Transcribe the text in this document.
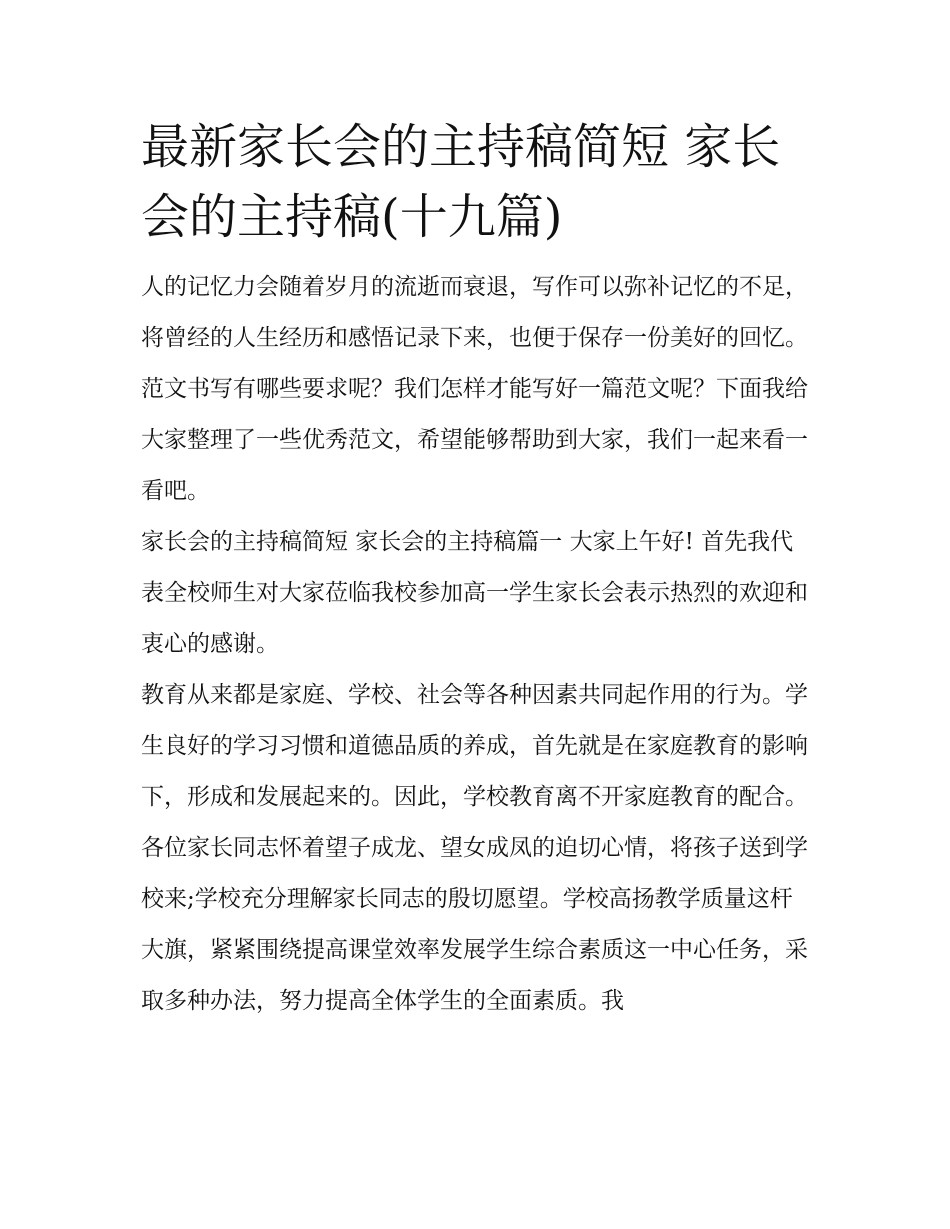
最新家长会的主持稿简短 家长会的主持稿(十九篇)

人的记忆力会随着岁月的流逝而衰退，写作可以弥补记忆的不足，将曾经的人生经历和感悟记录下来，也便于保存一份美好的回忆。范文书写有哪些要求呢？我们怎样才能写好一篇范文呢？下面我给大家整理了一些优秀范文，希望能够帮助到大家，我们一起来看一看吧。

家长会的主持稿简短 家长会的主持稿篇一 大家上午好! 首先我代表全校师生对大家莅临我校参加高一学生家长会表示热烈的欢迎和衷心的感谢。

教育从来都是家庭、学校、社会等各种因素共同起作用的行为。学生良好的学习习惯和道德品质的养成，首先就是在家庭教育的影响下，形成和发展起来的。因此，学校教育离不开家庭教育的配合。

各位家长同志怀着望子成龙、望女成凤的迫切心情，将孩子送到学校来;学校充分理解家长同志的殷切愿望。学校高扬教学质量这杆大旗，紧紧围绕提高课堂效率发展学生综合素质这一中心任务，采取多种办法，努力提高全体学生的全面素质。我
